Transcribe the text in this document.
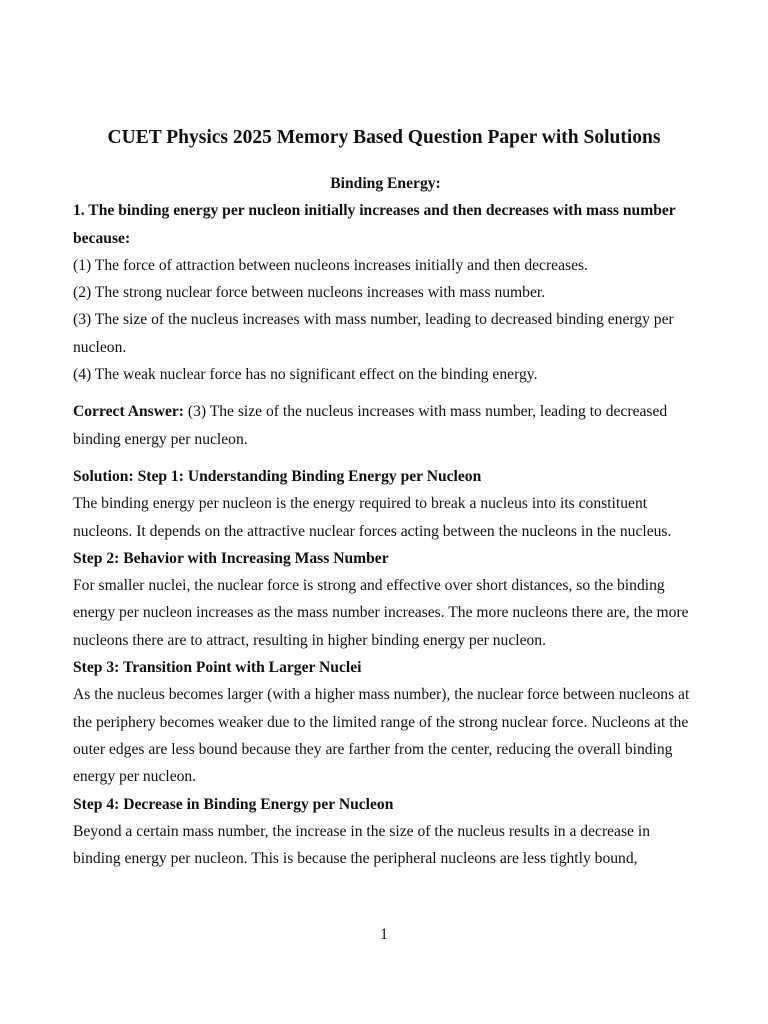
CUET Physics 2025 Memory Based Question Paper with Solutions

Binding Energy:

1. The binding energy per nucleon initially increases and then decreases with mass number because:

(1) The force of attraction between nucleons increases initially and then decreases.

(2) The strong nuclear force between nucleons increases with mass number.

(3) The size of the nucleus increases with mass number, leading to decreased binding energy per nucleon.

(4) The weak nuclear force has no significant effect on the binding energy.

Correct Answer: (3) The size of the nucleus increases with mass number, leading to decreased binding energy per nucleon.

Solution: Step 1: Understanding Binding Energy per Nucleon

The binding energy per nucleon is the energy required to break a nucleus into its constituent nucleons. It depends on the attractive nuclear forces acting between the nucleons in the nucleus.

Step 2: Behavior with Increasing Mass Number

For smaller nuclei, the nuclear force is strong and effective over short distances, so the binding energy per nucleon increases as the mass number increases. The more nucleons there are, the more nucleons there are to attract, resulting in higher binding energy per nucleon.

Step 3: Transition Point with Larger Nuclei

As the nucleus becomes larger (with a higher mass number), the nuclear force between nucleons at the periphery becomes weaker due to the limited range of the strong nuclear force. Nucleons at the outer edges are less bound because they are farther from the center, reducing the overall binding energy per nucleon.

Step 4: Decrease in Binding Energy per Nucleon

Beyond a certain mass number, the increase in the size of the nucleus results in a decrease in binding energy per nucleon. This is because the peripheral nucleons are less tightly bound,

1
